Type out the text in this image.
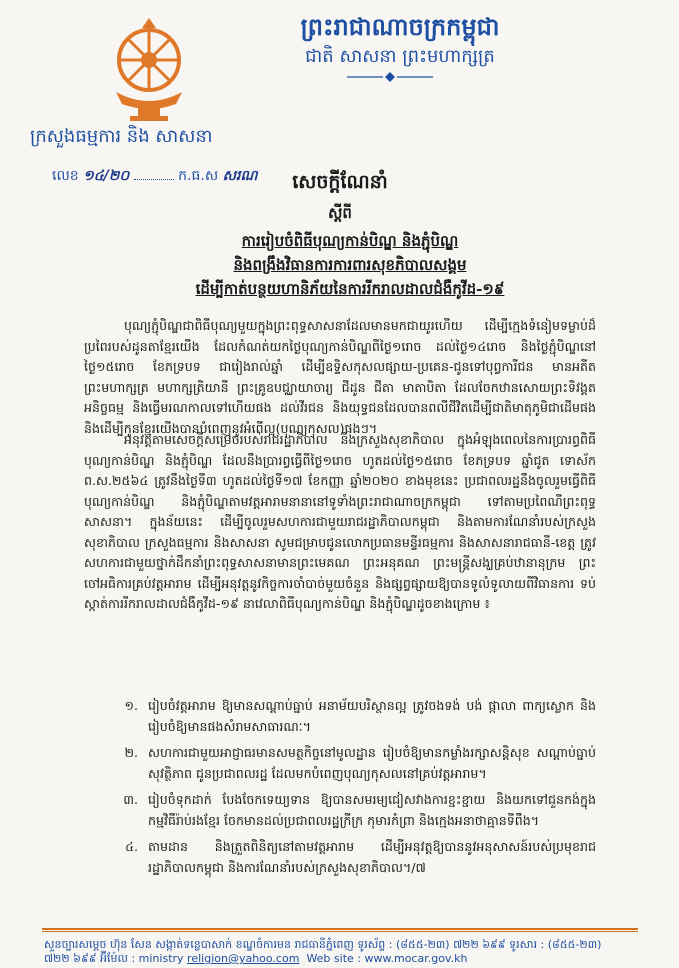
ព្រះរាជាណាចក្រកម្ពុជា
ជាតិ សាសនា ព្រះមហាក្សត្រ
ក្រសួងធម្មការ និង សាសនា
លេខ ១៤/២០	ក.ធ.ស សរណ	សេចក្តីណែនាំ
ស្តីពី
ការរៀបចំពិធីបុណ្យកាន់បិណ្ឌ និងភ្ជុំបិណ្ឌ
និងពង្រឹងវិធានការការពារសុខភិបាលសង្គម
ដើម្បីកាត់បន្ថយហានិភ័យនៃការរីករាលដាលជំងឺកូវីដ-១៩
បុណ្យភ្ជុំបិណ្ឌជាពិធីបុណ្យមួយក្នុងព្រះពុទ្ធសាសនាដែលមានមកជាយូរហើយ ដើម្បីក្មេងទំនៀមទម្លាប់ដ៏ប្រពៃរបស់ដូនតាខ្មែរយើង ដែលកំណត់យកថ្ងៃបុណ្យកាន់បិណ្ឌពីថ្ងៃ១រោច ដល់ថ្ងៃ១៤រោច និងថ្ងៃភ្ជុំបិណ្ឌនៅថ្ងៃ១៥រោច ខែភទ្របទ ជារៀងរាល់ឆ្នាំ ដើម្បីឧទ្ទិសកុសលផ្សាយ-ប្រគេន-ជូនទៅបុព្វការីជន មានអតីតព្រះមហាក្សត្រ មហាក្សត្រិយានី ព្រះគ្រូឧបជ្ឈាយាចារ្យ ជីដូន ជីតា មាតាបិតា ដែលចែកឋានសោយព្រះទិវង្គត អនិច្ចធម្ម និងធ្វើមរណកាលទៅហើយផង ដល់វីរជន និងយុទ្ធជនដែលបានពលីជីវិតដើម្បីជាតិមាតុភូមិជាដើមផង និងដើម្បីកូនខ្មែរយើងបានបំពេញនូវអំពើល្អ(បុណ្យកុសល)ផងៗ។
អនុវត្តតាមសេចក្តីសម្រេចរបស់រាជរដ្ឋាភិបាល និងក្រសួងសុខាភិបាល ក្នុងអំឡុងពេលនៃការប្រារព្ធពិធីបុណ្យកាន់បិណ្ឌ និងភ្ជុំបិណ្ឌ ដែលនឹងប្រារព្ធធ្វើពីថ្ងៃ១រោច ហូតដល់ថ្ងៃ១៥រោច ខែភទ្របទ ឆ្នាំជូត ទោស័ក ព.ស.២៥៦៤ ត្រូវនឹងថ្ងៃទី៣ ហូតដល់ថ្ងៃទី១៧ ខែកញ្ញា ឆ្នាំ២០២០ ខាងមុខនេះ ប្រជាពលរដ្ឋនឹងចូលរួមធ្វើពិធីបុណ្យកាន់បិណ្ឌ និងភ្ជុំបិណ្ឌតាមវត្តអារាមនានានៅទូទាំងព្រះរាជាណាចក្រកម្ពុជា ទៅតាមប្រពៃណីព្រះពុទ្ធសាសនា។ ក្នុងន័យនេះ ដើម្បីចូលរួមសហការជាមួយរាជរដ្ឋាភិបាលកម្ពុជា និងតាមការណែនាំរបស់ក្រសួងសុខាភិបាល ក្រសួងធម្មការ និងសាសនា សូមជម្រាបជូនលោកប្រធានមន្ទីរធម្មការ និងសាសនារាជធានី-ខេត្ត ត្រូវសហការជាមួយថ្នាក់ដឹកនាំព្រះពុទ្ធសាសនាមានព្រះមេគណ ព្រះអនុគណ ព្រះមន្ត្រីសង្ឃគ្រប់ឋានានុក្រម ព្រះចៅអធិការគ្រប់វត្តអារាម ដើម្បីអនុវត្តនូវកិច្ចការចាំបាច់មួយចំនួន និងផ្សព្វផ្សាយឱ្យបានទូលំទូលាយពីវិធានការ ទប់ស្កាត់ការរីករាលដាលជំងឺកូវីដ-១៩ នាវេលាពិធីបុណ្យកាន់បិណ្ឌ និងភ្ជុំបិណ្ឌដូចខាងក្រោម ៖
១. រៀបចំវត្តអារាម ឱ្យមានសណ្តាប់ធ្នាប់ អនាម័យបរិស្ថានល្អ ត្រូវចងទង់ បង់ ផ្កាលា ពាក្យស្លោក និងរៀបចំឱ្យមានផងសំរាមសាធារណៈ។
២. សហការជាមួយអាជ្ញាធរមានសមត្ថកិច្ចនៅមូលដ្ឋាន រៀបចំឱ្យមានកម្លាំងរក្សាសន្តិសុខ សណ្តាប់ធ្នាប់ សុវត្ថិភាព ជូនប្រជាពលរដ្ឋ ដែលមកបំពេញបុណ្យកុសលនៅគ្រប់វត្តអារាម។
៣. រៀបចំទុកដាក់ បែងចែកទេយ្យទាន ឱ្យបានសមរម្យជៀសវាងការខ្ជះខ្ជាយ និងយកទៅជួនកង់ក្នុងកម្មវិធីរ៉ាប់រងខ្មែរ ចែកមានដល់ប្រជាពលរដ្ឋក្រីក្រ កុមារកំព្រា និងក្មេងអនាថាគ្មានទីពឹង។
៤. តាមដាន និងត្រួតពិនិត្យនៅតាមវត្តអារាម ដើម្បីអនុវត្តឱ្យបាននូវអនុសាសន៍របស់ប្រមុខរាជរដ្ឋាភិបាលកម្ពុជា និងការណែនាំរបស់ក្រសួងសុខាភិបាល។/៧
សួនច្បារសម្តេច ហ៊ុន សែន សង្កាត់ទន្លេបាសាក់ ខណ្ឌចំការមន រាជធានីភ្នំពេញ ទូរស័ព្ទ : (៨៥៥-២៣) ៧២២ ៦៩៩ ទូរសារ : (៨៥៥-២៣)
៧២២ ៦៩៩ អ៊ីម៉ែល : ministry religion@yahoo.com Web site : www.mocar.gov.kh
